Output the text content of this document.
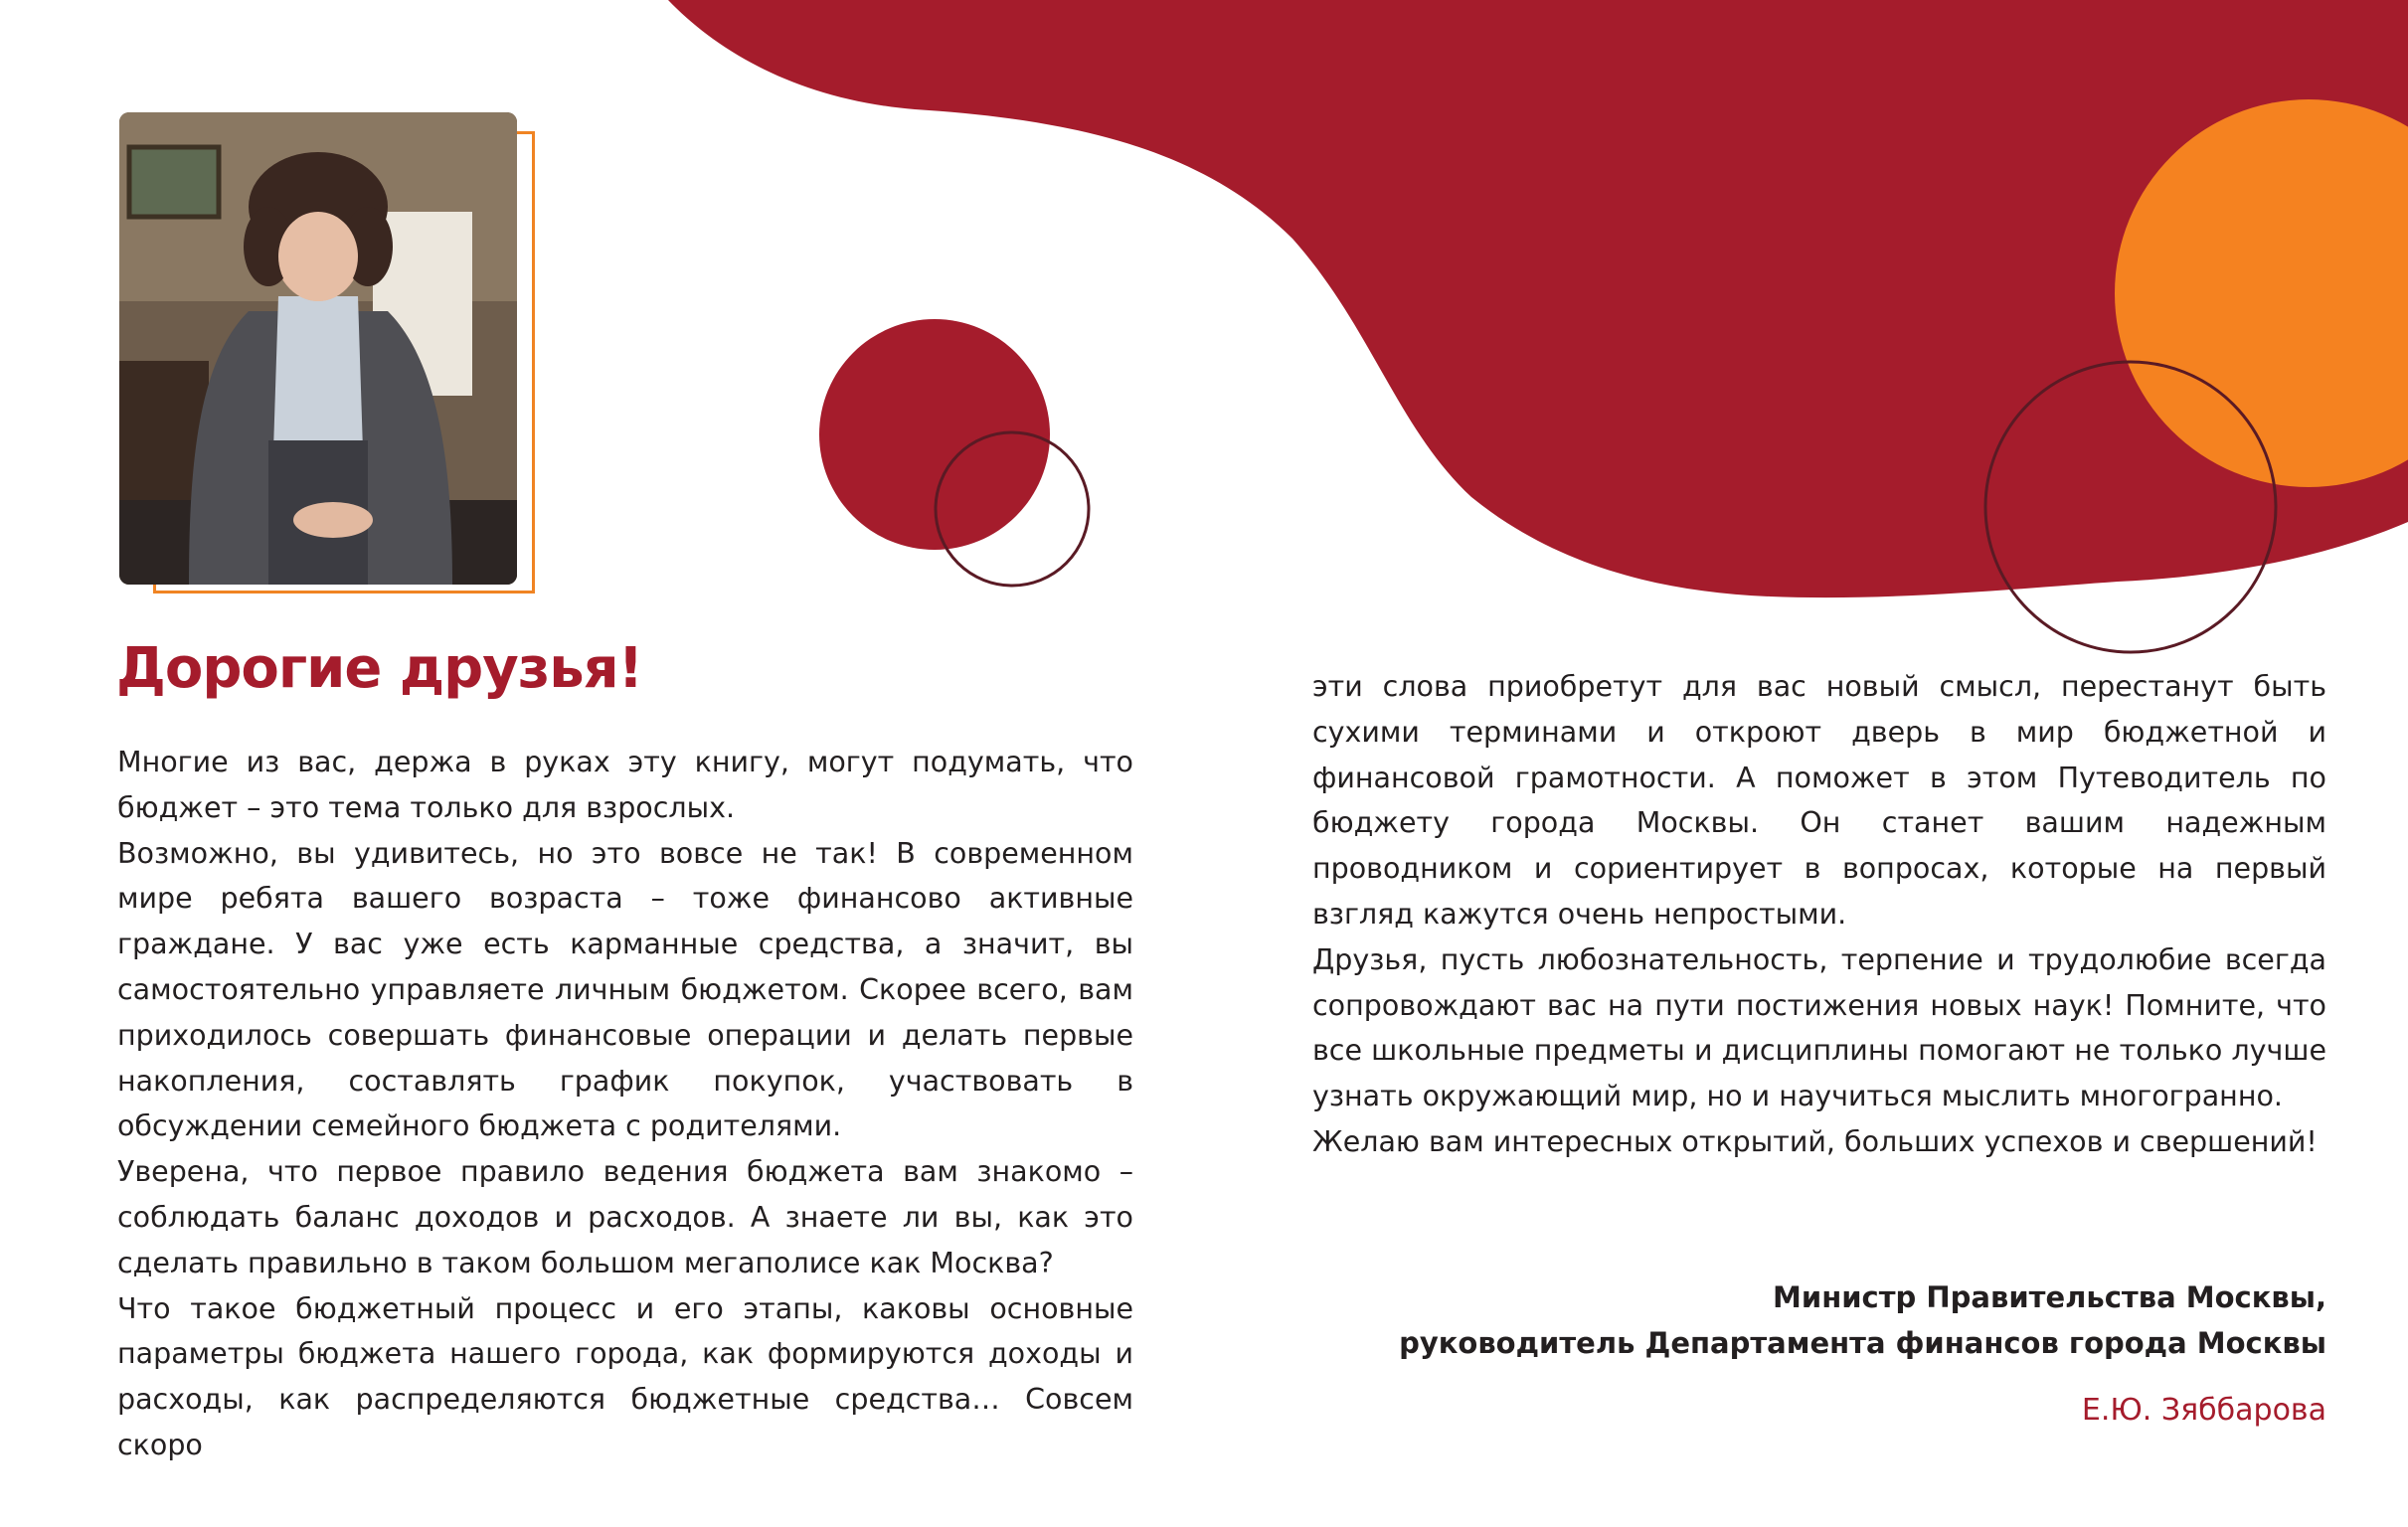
Дорогие друзья!

Многие из вас, держа в руках эту книгу, могут подумать, что бюджет – это тема только для взрослых.

Возможно, вы удивитесь, но это вовсе не так! В современном мире ребята вашего возраста – тоже финансово активные граждане. У вас уже есть карманные средства, а значит, вы самостоятельно управляете личным бюджетом. Скорее всего, вам приходилось совершать финансовые операции и делать первые накопления, составлять график покупок, участвовать в обсуждении семейного бюджета с родителями.

Уверена, что первое правило ведения бюджета вам знакомо – соблюдать баланс доходов и расходов. А знаете ли вы, как это сделать правильно в таком большом мегаполисе как Москва?

Что такое бюджетный процесс и его этапы, каковы основные параметры бюджета нашего города, как формируются доходы и расходы, как распределяются бюджетные средства… Совсем скоро

эти слова приобретут для вас новый смысл, перестанут быть сухими терминами и откроют дверь в мир бюджетной и финансовой грамотности. А поможет в этом Путеводитель по бюджету города Москвы. Он станет вашим надежным проводником и сориентирует в вопросах, которые на первый взгляд кажутся очень непростыми.

Друзья, пусть любознательность, терпение и трудолюбие всегда сопровождают вас на пути постижения новых наук! Помните, что все школьные предметы и дисциплины помогают не только лучше узнать окружающий мир, но и научиться мыслить многогранно.

Желаю вам интересных открытий, больших успехов и свершений!

Министр Правительства Москвы,

руководитель Департамента финансов города Москвы

Е.Ю. Зяббарова
